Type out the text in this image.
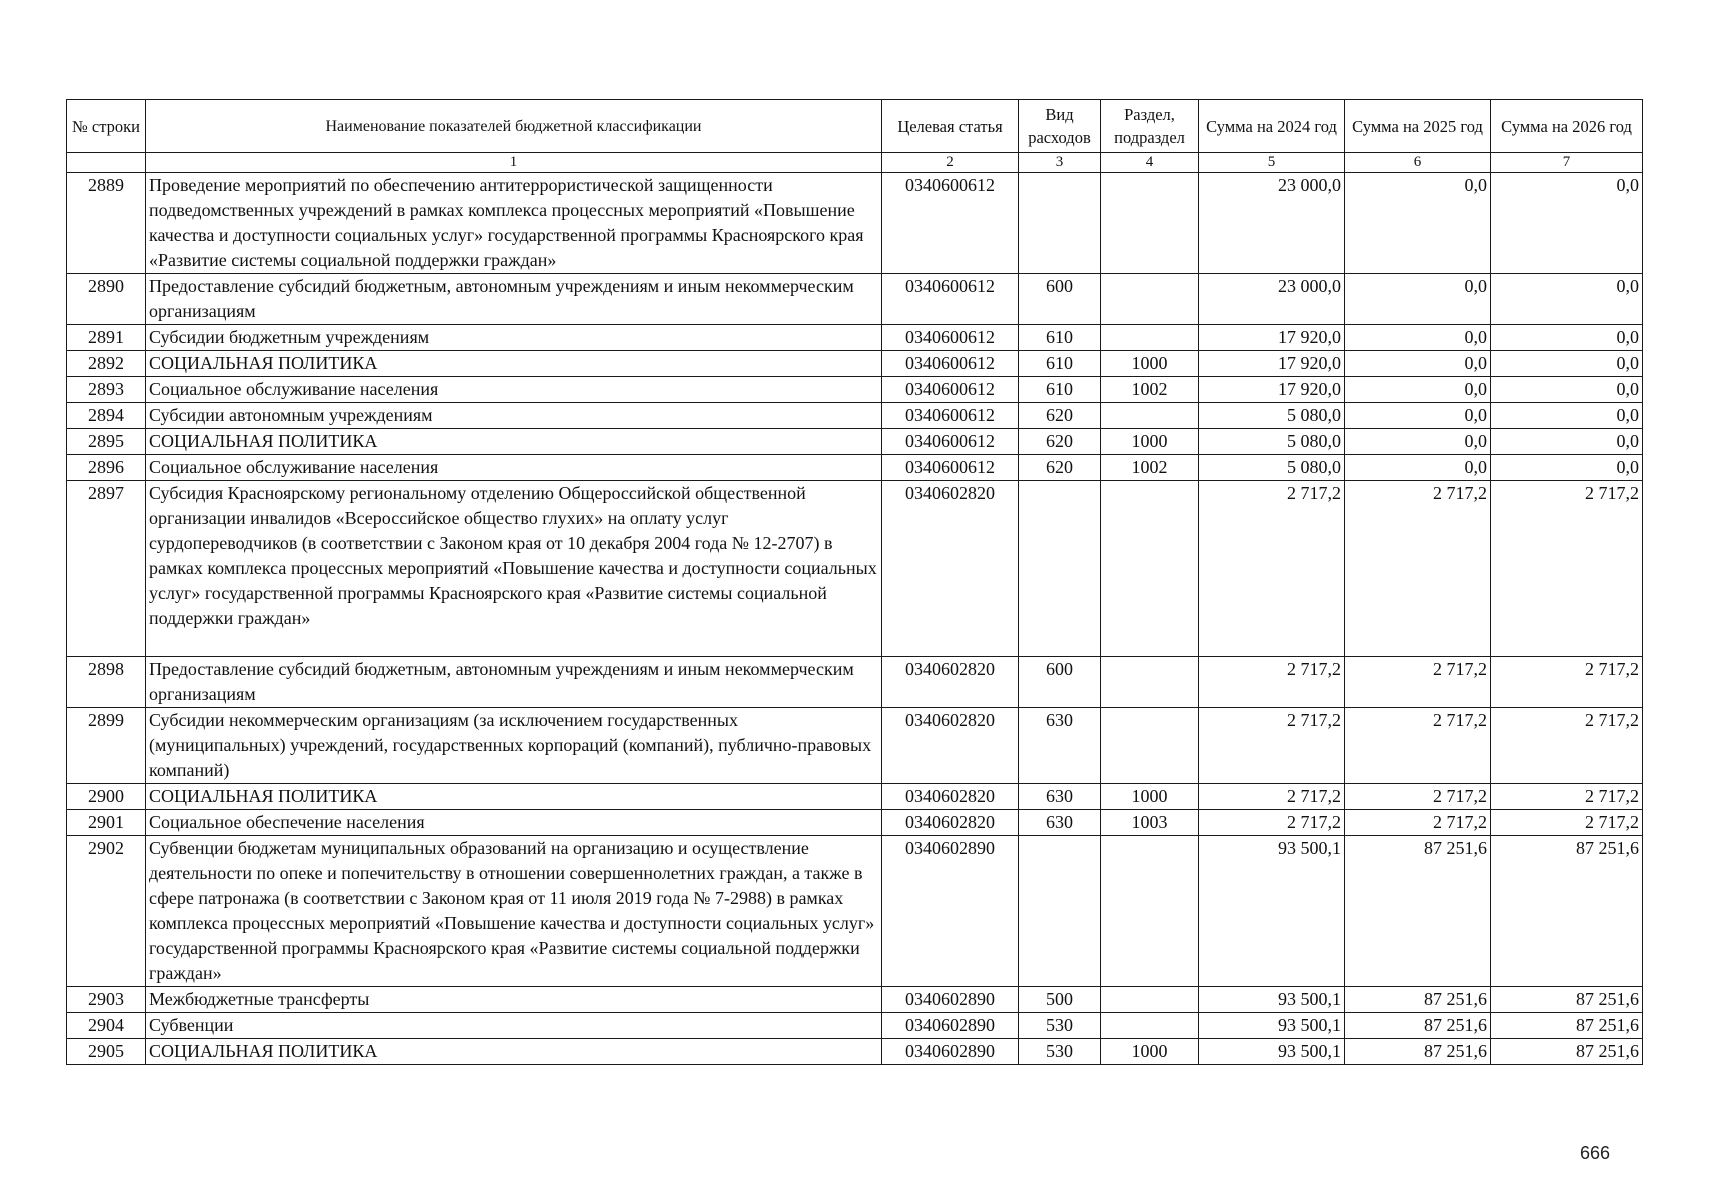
№ строки	Наименование показателей бюджетной классификации	Целевая статья	Вид расходов	Раздел, подраздел	Сумма на 2024 год	Сумма на 2025 год	Сумма на 2026 год
	1	2	3	4	5	6	7
2889	Проведение мероприятий по обеспечению антитеррористической защищенности подведомственных учреждений в рамках комплекса процессных мероприятий «Повышение качества и доступности социальных услуг» государственной программы Красноярского края «Развитие системы социальной поддержки граждан»	0340600612			23 000,0	0,0	0,0
2890	Предоставление субсидий бюджетным, автономным учреждениям и иным некоммерческим организациям	0340600612	600		23 000,0	0,0	0,0
2891	Субсидии бюджетным учреждениям	0340600612	610		17 920,0	0,0	0,0
2892	СОЦИАЛЬНАЯ ПОЛИТИКА	0340600612	610	1000	17 920,0	0,0	0,0
2893	Социальное обслуживание населения	0340600612	610	1002	17 920,0	0,0	0,0
2894	Субсидии автономным учреждениям	0340600612	620		5 080,0	0,0	0,0
2895	СОЦИАЛЬНАЯ ПОЛИТИКА	0340600612	620	1000	5 080,0	0,0	0,0
2896	Социальное обслуживание населения	0340600612	620	1002	5 080,0	0,0	0,0
2897	Субсидия Красноярскому региональному отделению Общероссийской общественной организации инвалидов «Всероссийское общество глухих» на оплату услуг сурдопереводчиков (в соответствии с Законом края от 10 декабря 2004 года № 12-2707) в рамках комплекса процессных мероприятий «Повышение качества и доступности социальных услуг» государственной программы Красноярского края «Развитие системы социальной поддержки граждан»	0340602820			2 717,2	2 717,2	2 717,2
2898	Предоставление субсидий бюджетным, автономным учреждениям и иным некоммерческим организациям	0340602820	600		2 717,2	2 717,2	2 717,2
2899	Субсидии некоммерческим организациям (за исключением государственных (муниципальных) учреждений, государственных корпораций (компаний), публично-правовых компаний)	0340602820	630		2 717,2	2 717,2	2 717,2
2900	СОЦИАЛЬНАЯ ПОЛИТИКА	0340602820	630	1000	2 717,2	2 717,2	2 717,2
2901	Социальное обеспечение населения	0340602820	630	1003	2 717,2	2 717,2	2 717,2
2902	Субвенции бюджетам муниципальных образований на организацию и осуществление деятельности по опеке и попечительству в отношении совершеннолетних граждан, а также в сфере патронажа (в соответствии с Законом края от 11 июля 2019 года № 7-2988) в рамках комплекса процессных мероприятий «Повышение качества и доступности социальных услуг» государственной программы Красноярского края «Развитие системы социальной поддержки граждан»	0340602890			93 500,1	87 251,6	87 251,6
2903	Межбюджетные трансферты	0340602890	500		93 500,1	87 251,6	87 251,6
2904	Субвенции	0340602890	530		93 500,1	87 251,6	87 251,6
2905	СОЦИАЛЬНАЯ ПОЛИТИКА	0340602890	530	1000	93 500,1	87 251,6	87 251,6
666
